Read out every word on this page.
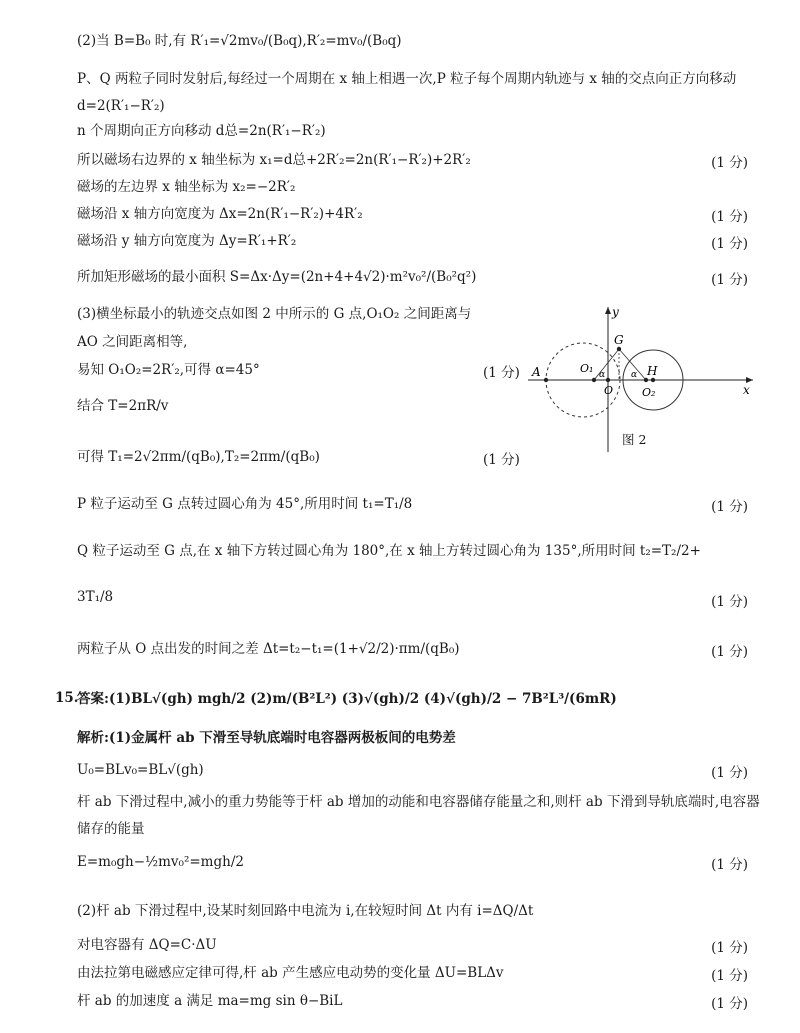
(2)当 B=B₀ 时,有 R′₁=√2mv₀/(B₀q),R′₂=mv₀/(B₀q)
P、Q 两粒子同时发射后,每经过一个周期在 x 轴上相遇一次,P 粒子每个周期内轨迹与 x 轴的交点向正方向移动 d=2(R′₁−R′₂)
n 个周期向正方向移动 d总=2n(R′₁−R′₂)
所以磁场右边界的 x 轴坐标为 x₁=d总+2R′₂=2n(R′₁−R′₂)+2R′₂	(1 分)
磁场的左边界 x 轴坐标为 x₂=−2R′₂
磁场沿 x 轴方向宽度为 Δx=2n(R′₁−R′₂)+4R′₂	(1 分)
磁场沿 y 轴方向宽度为 Δy=R′₁+R′₂	(1 分)
所加矩形磁场的最小面积 S=Δx·Δy=(2n+4+4√2)·m²v₀²/(B₀²q²)	(1 分)
(3)横坐标最小的轨迹交点如图 2 中所示的 G 点,O₁O₂ 之间距离与
AO 之间距离相等,
易知 O₁O₂=2R′₂,可得 α=45°	(1 分)
结合 T=2πR/v
可得 T₁=2√2πm/(qB₀),T₂=2πm/(qB₀)	(1 分)
y
x
G
H
A	O₁
O	O₂
α	α
图 2
P 粒子运动至 G 点转过圆心角为 45°,所用时间 t₁=T₁/8	(1 分)
Q 粒子运动至 G 点,在 x 轴下方转过圆心角为 180°,在 x 轴上方转过圆心角为 135°,所用时间 t₂=T₂/2+
3T₁/8	(1 分)
两粒子从 O 点出发的时间之差 Δt=t₂−t₁=(1+√2/2)·πm/(qB₀)	(1 分)
15.
答案:(1)BL√(gh) mgh/2 (2)m/(B²L²) (3)√(gh)/2 (4)√(gh)/2 − 7B²L³/(6mR)
解析:(1)金属杆 ab 下滑至导轨底端时电容器两极板间的电势差
U₀=BLv₀=BL√(gh)	(1 分)
杆 ab 下滑过程中,减小的重力势能等于杆 ab 增加的动能和电容器储存能量之和,则杆 ab 下滑到导轨底端时,电容器储存的能量
E=m₀gh−½mv₀²=mgh/2	(1 分)
(2)杆 ab 下滑过程中,设某时刻回路中电流为 i,在较短时间 Δt 内有 i=ΔQ/Δt
对电容器有 ΔQ=C·ΔU	(1 分)
由法拉第电磁感应定律可得,杆 ab 产生感应电动势的变化量 ΔU=BLΔv	(1 分)
杆 ab 的加速度 a 满足 ma=mg sin θ−BiL	(1 分)
